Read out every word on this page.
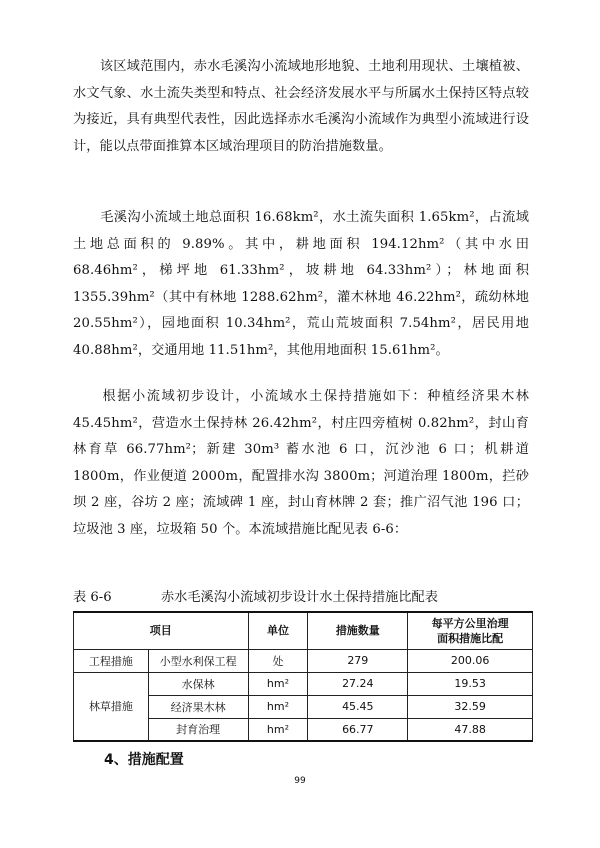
　　该区域范围内，赤水毛溪沟小流域地形地貌、土地利用现状、土壤植被、水文气象、水土流失类型和特点、社会经济发展水平与所属水土保持区特点较为接近，具有典型代表性，因此选择赤水毛溪沟小流域作为典型小流域进行设计，能以点带面推算本区域治理项目的防治措施数量。

　　毛溪沟小流域土地总面积 16.68km²，水土流失面积 1.65km²，占流域土地总面积的 9.89%。其中，耕地面积 194.12hm²（其中水田 68.46hm²，梯坪地 61.33hm²，坡耕地 64.33hm²）；林地面积 1355.39hm²（其中有林地 1288.62hm²，灌木林地 46.22hm²，疏幼林地 20.55hm²），园地面积 10.34hm²，荒山荒坡面积 7.54hm²，居民用地 40.88hm²，交通用地 11.51hm²，其他用地面积 15.61hm²。

　　根据小流域初步设计，小流域水土保持措施如下：种植经济果木林 45.45hm²，营造水土保持林 26.42hm²，村庄四旁植树 0.82hm²，封山育林育草 66.77hm²；新建 30m³ 蓄水池 6 口，沉沙池 6 口；机耕道 1800m，作业便道 2000m，配置排水沟 3800m；河道治理 1800m，拦砂坝 2 座，谷坊 2 座；流域碑 1 座，封山育林牌 2 套；推广沼气池 196 口；垃圾池 3 座，垃圾箱 50 个。本流域措施比配见表 6-6：

表 6-6	赤水毛溪沟小流域初步设计水土保持措施比配表
项目		单位	措施数量	每平方公里治理
面积措施比配

工程措施	小型水利保工程	处	279	200.06
林草措施	水保林	hm²	27.24	19.53
	经济果木林	hm²	45.45	32.59
	封育治理	hm²	66.77	47.88
4、措施配置
99
